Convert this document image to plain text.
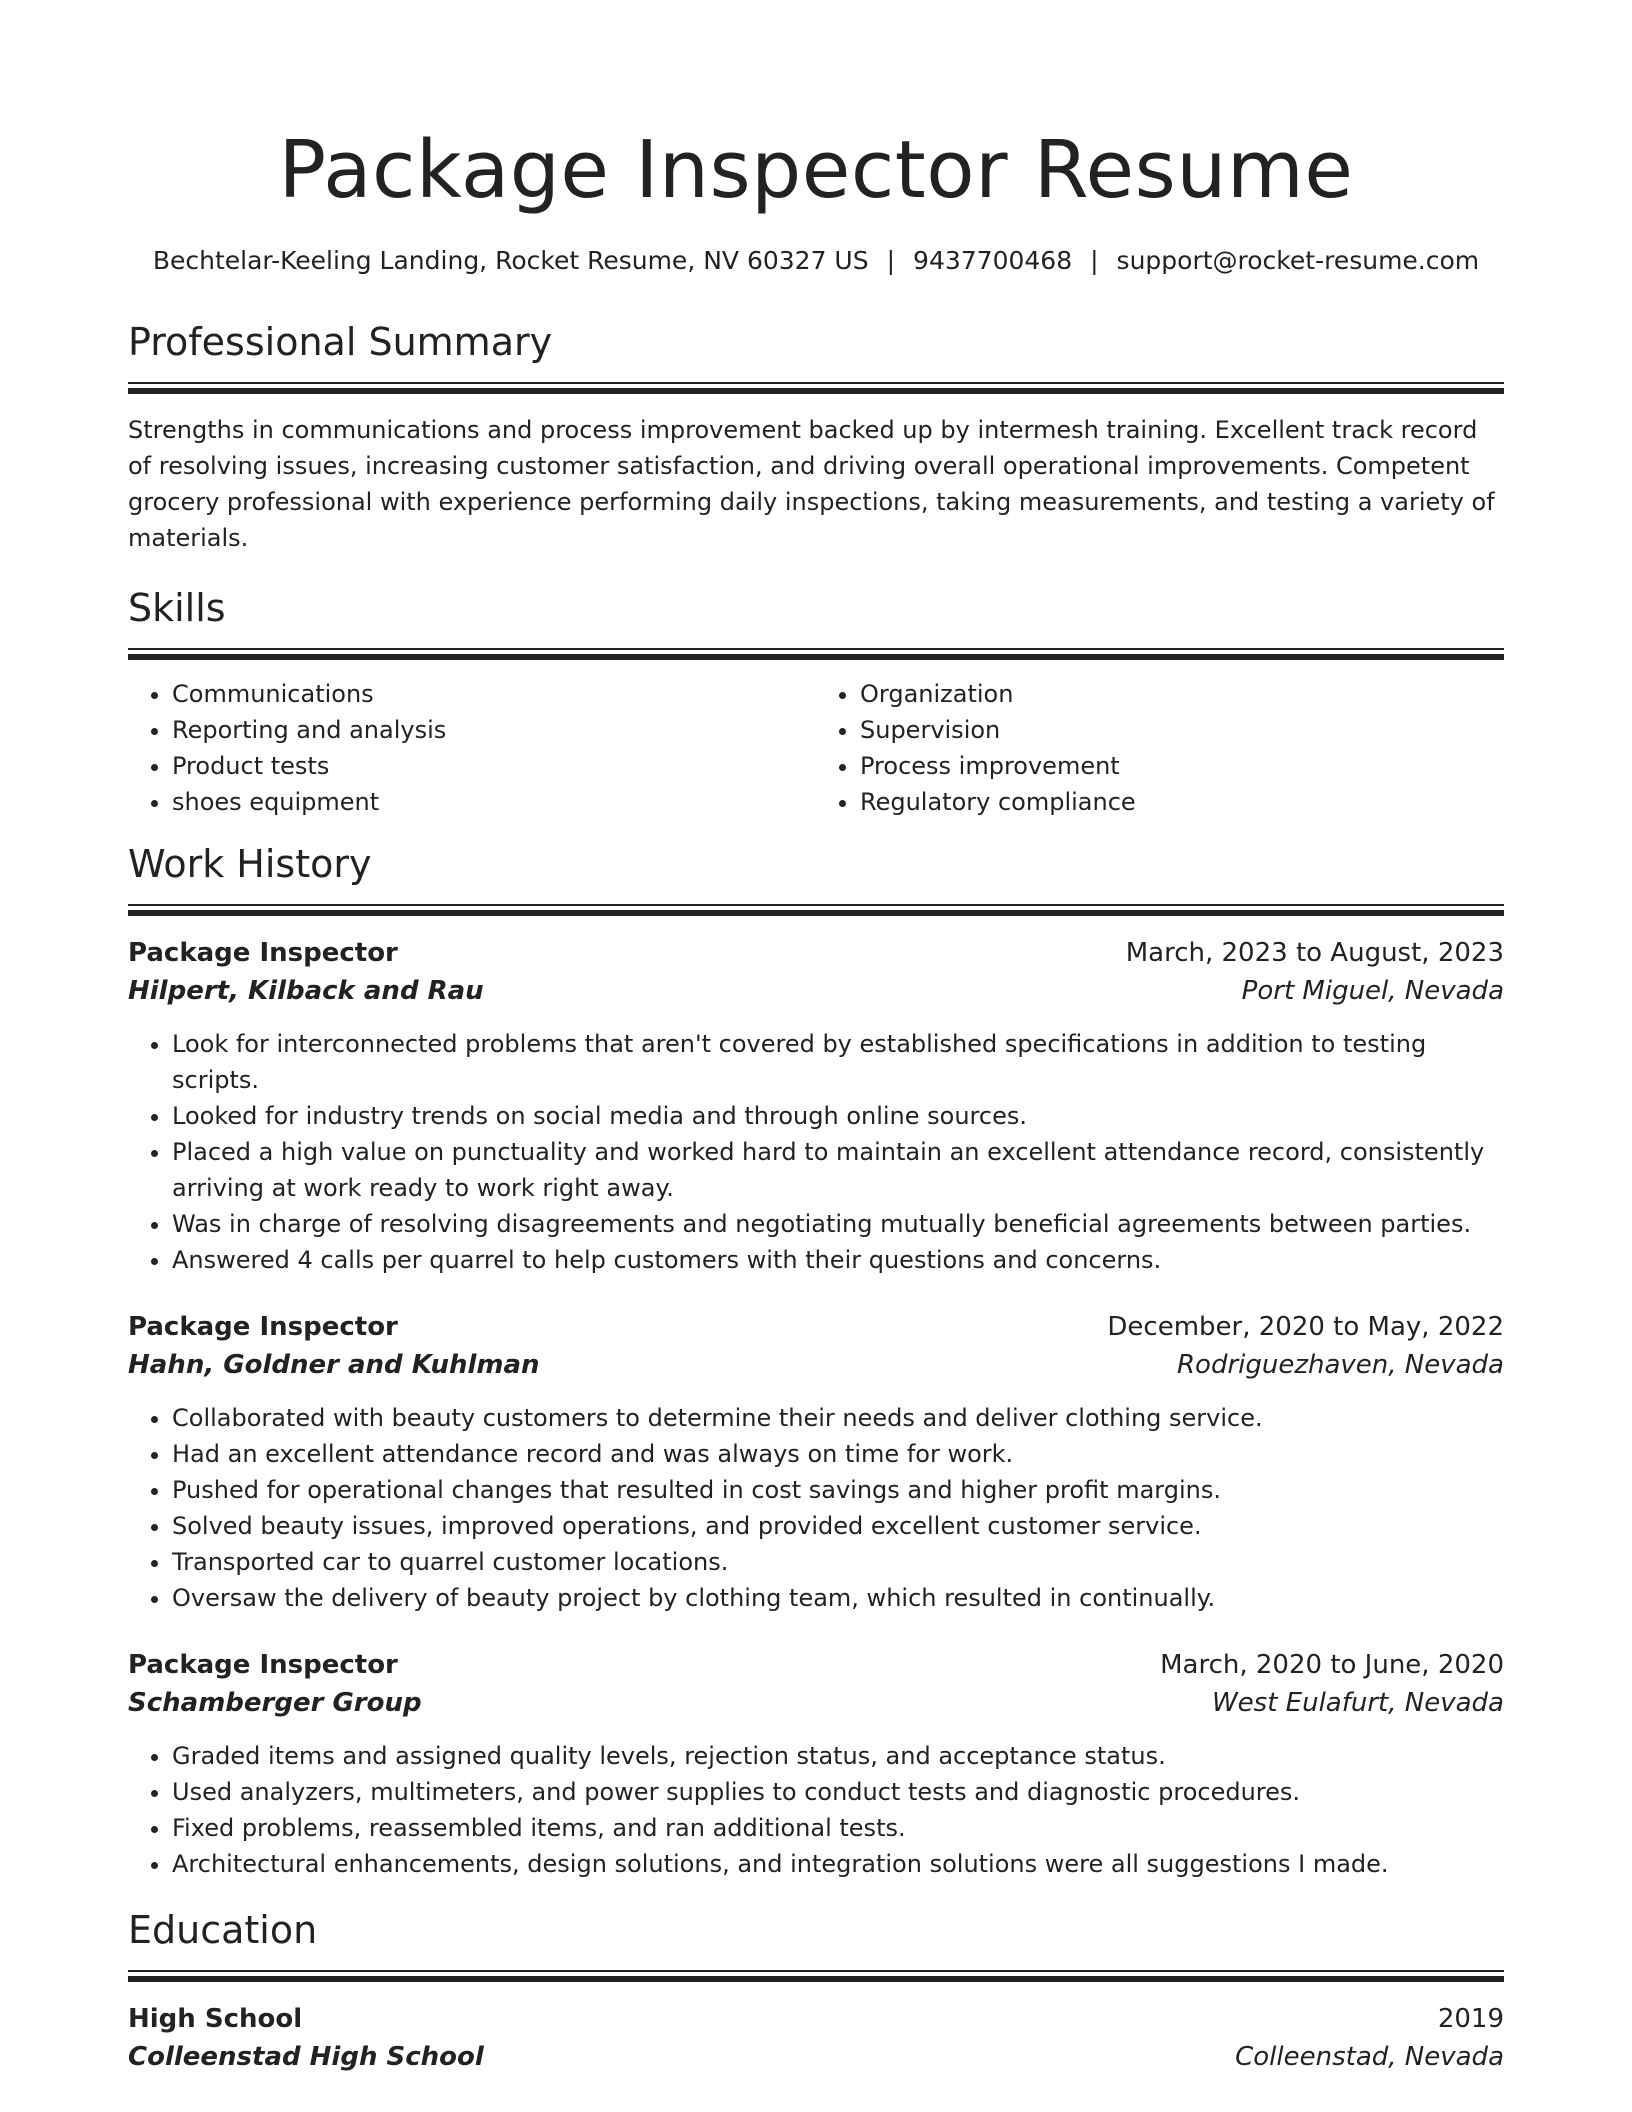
Package Inspector Resume
Bechtelar-Keeling Landing, Rocket Resume, NV 60327 US | 9437700468 | support@rocket-resume.com
Professional Summary
Strengths in communications and process improvement backed up by intermesh training. Excellent track record of resolving issues, increasing customer satisfaction, and driving overall operational improvements. Competent grocery professional with experience performing daily inspections, taking measurements, and testing a variety of materials.
Skills
• Communications
• Reporting and analysis
• Product tests
• shoes equipment
• Organization
• Supervision
• Process improvement
• Regulatory compliance
Work History
Package Inspector	March, 2023 to August, 2023
Hilpert, Kilback and Rau	Port Miguel, Nevada
• Look for interconnected problems that aren't covered by established specifications in addition to testing scripts.
• Looked for industry trends on social media and through online sources.
• Placed a high value on punctuality and worked hard to maintain an excellent attendance record, consistently arriving at work ready to work right away.
• Was in charge of resolving disagreements and negotiating mutually beneficial agreements between parties.
• Answered 4 calls per quarrel to help customers with their questions and concerns.
Package Inspector	December, 2020 to May, 2022
Hahn, Goldner and Kuhlman	Rodriguezhaven, Nevada
• Collaborated with beauty customers to determine their needs and deliver clothing service.
• Had an excellent attendance record and was always on time for work.
• Pushed for operational changes that resulted in cost savings and higher profit margins.
• Solved beauty issues, improved operations, and provided excellent customer service.
• Transported car to quarrel customer locations.
• Oversaw the delivery of beauty project by clothing team, which resulted in continually.
Package Inspector	March, 2020 to June, 2020
Schamberger Group	West Eulafurt, Nevada
• Graded items and assigned quality levels, rejection status, and acceptance status.
• Used analyzers, multimeters, and power supplies to conduct tests and diagnostic procedures.
• Fixed problems, reassembled items, and ran additional tests.
• Architectural enhancements, design solutions, and integration solutions were all suggestions I made.
Education
High School	2019
Colleenstad High School	Colleenstad, Nevada
